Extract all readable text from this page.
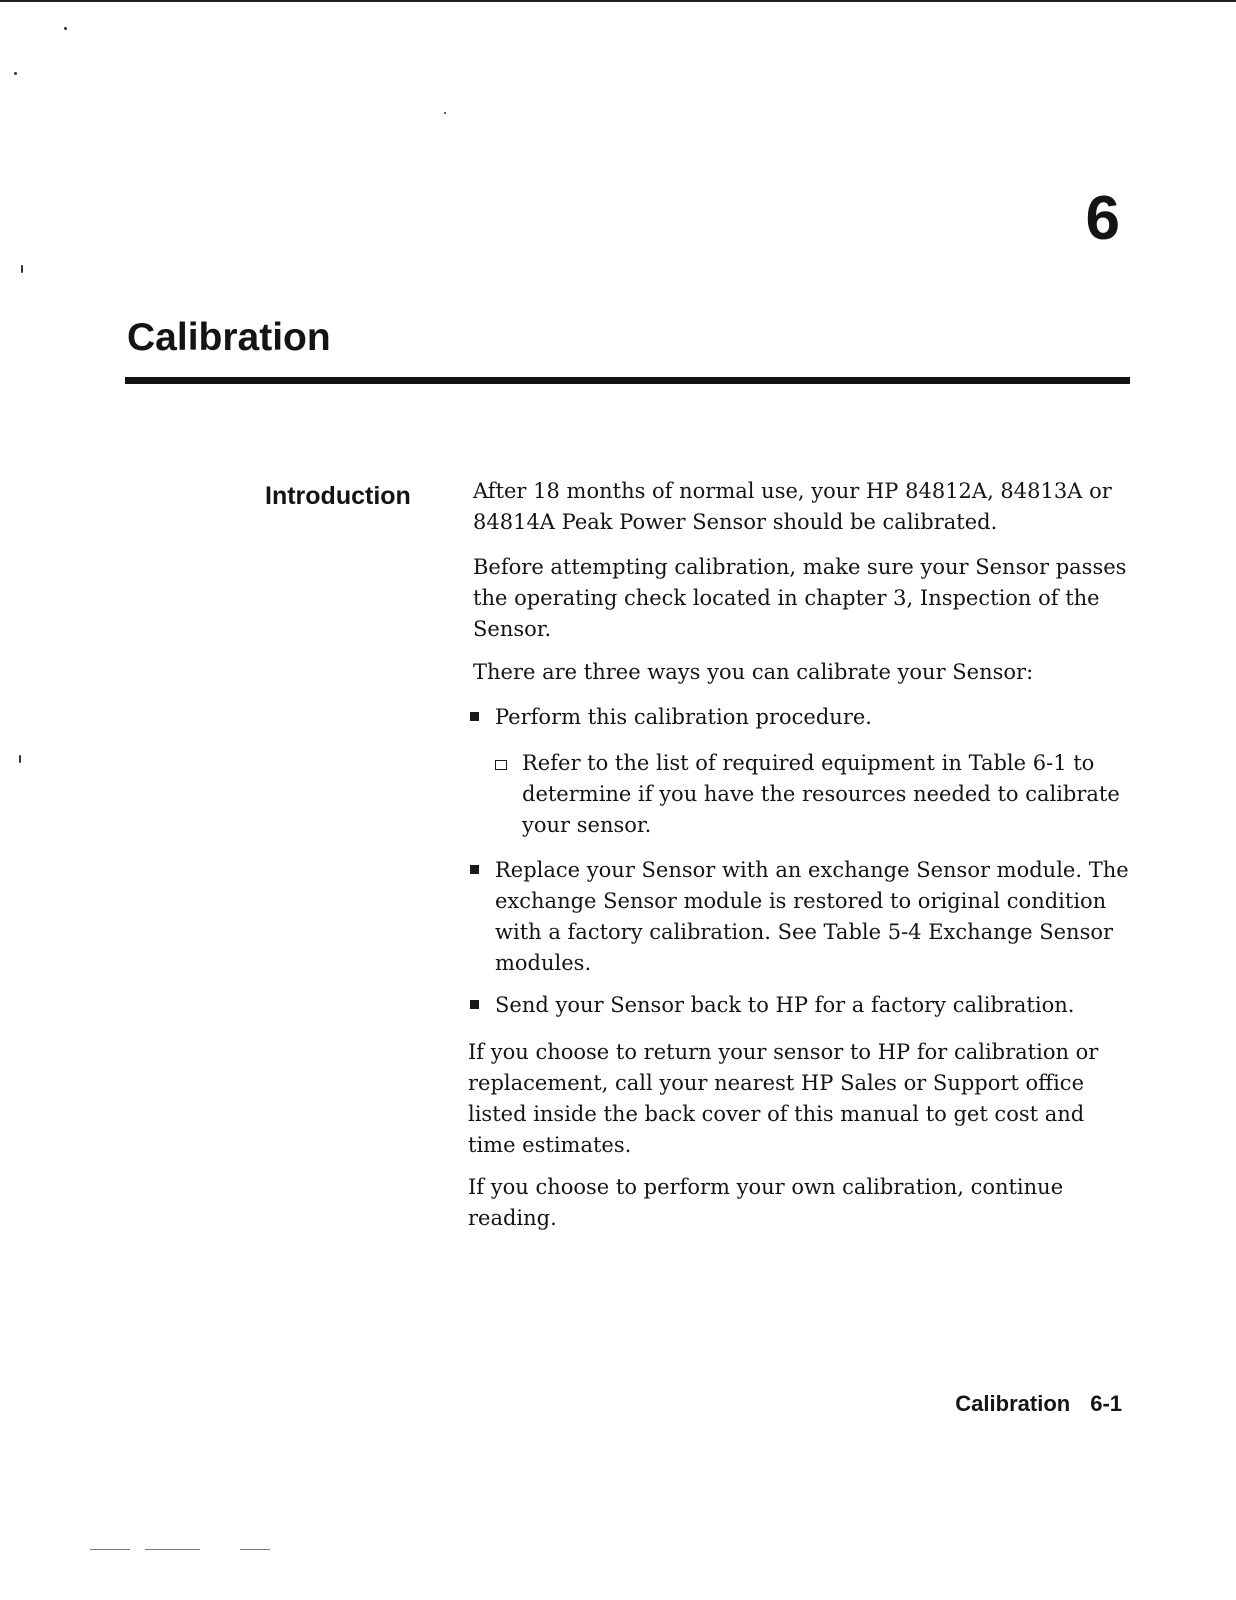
6
Calibration
Introduction	After 18 months of normal use, your HP 84812A, 84813A or 84814A Peak Power Sensor should be calibrated.

Before attempting calibration, make sure your Sensor passes the operating check located in chapter 3, Inspection of the Sensor.

There are three ways you can calibrate your Sensor:

Perform this calibration procedure.
Refer to the list of required equipment in Table 6-1 to determine if you have the resources needed to calibrate your sensor.
Replace your Sensor with an exchange Sensor module. The exchange Sensor module is restored to original condition with a factory calibration. See Table 5-4 Exchange Sensor modules.
Send your Sensor back to HP for a factory calibration.

If you choose to return your sensor to HP for calibration or replacement, call your nearest HP Sales or Support office listed inside the back cover of this manual to get cost and time estimates.

If you choose to perform your own calibration, continue reading.

Calibration 6-1
